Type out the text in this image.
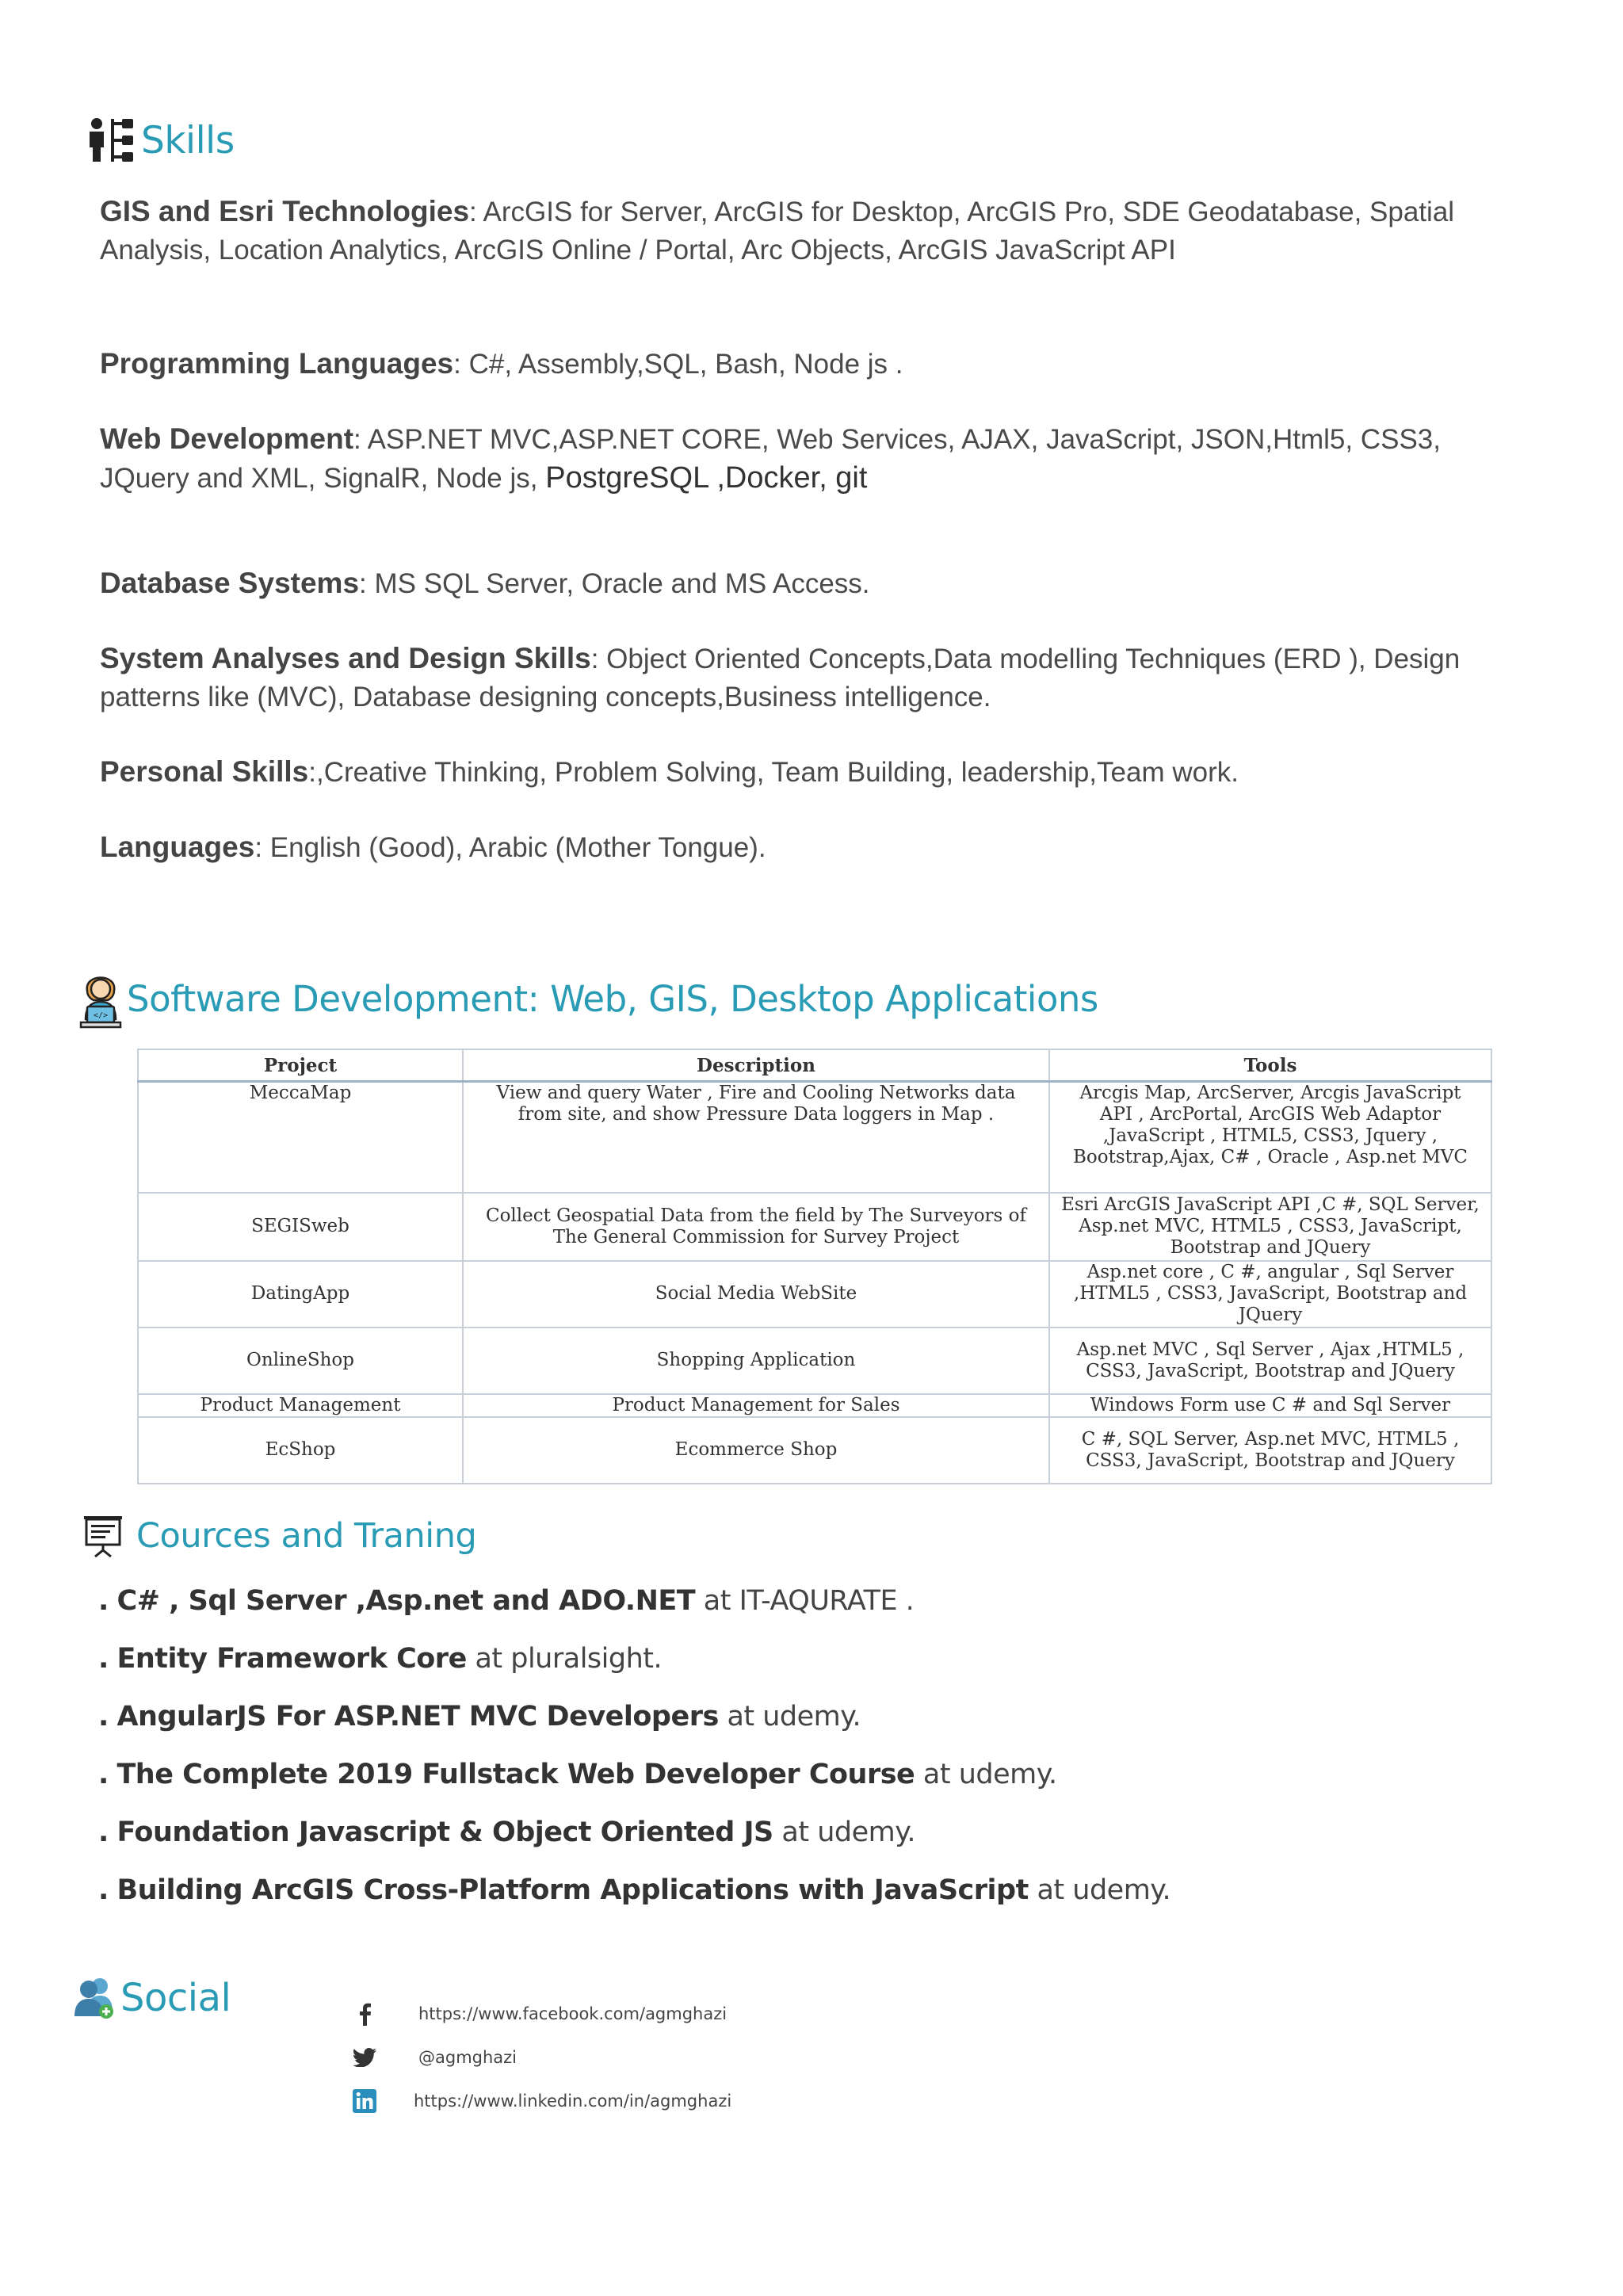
Skills
GIS and Esri Technologies: ArcGIS for Server, ArcGIS for Desktop, ArcGIS Pro, SDE Geodatabase, Spatial Analysis, Location Analytics, ArcGIS Online / Portal, Arc Objects, ArcGIS JavaScript API
Programming Languages: C#, Assembly,SQL, Bash, Node js .
Web Development: ASP.NET MVC,ASP.NET CORE, Web Services, AJAX, JavaScript, JSON,Html5, CSS3, JQuery and XML, SignalR, Node js, PostgreSQL ,Docker, git
Database Systems: MS SQL Server, Oracle and MS Access.
System Analyses and Design Skills: Object Oriented Concepts,Data modelling Techniques (ERD ), Design patterns like (MVC), Database designing concepts,Business intelligence.
Personal Skills:,Creative Thinking, Problem Solving, Team Building, leadership,Team work.
Languages: English (Good), Arabic (Mother Tongue).
</> Software Development: Web, GIS, Desktop Applications
Project	Description	Tools
MeccaMap	View and query Water , Fire and Cooling Networks data from site, and show Pressure Data loggers in Map .	Arcgis Map, ArcServer, Arcgis JavaScript API , ArcPortal, ArcGIS Web Adaptor ,JavaScript , HTML5, CSS3, Jquery , Bootstrap,Ajax, C# , Oracle , Asp.net MVC
SEGISweb	Collect Geospatial Data from the field by The Surveyors of The General Commission for Survey Project	Esri ArcGIS JavaScript API ,C #, SQL Server, Asp.net MVC, HTML5 , CSS3, JavaScript, Bootstrap and JQuery
DatingApp	Social Media WebSite	Asp.net core , C #, angular , Sql Server ,HTML5 , CSS3, JavaScript, Bootstrap and JQuery
OnlineShop	Shopping Application	Asp.net MVC , Sql Server , Ajax ,HTML5 , CSS3, JavaScript, Bootstrap and JQuery
Product Management	Product Management for Sales	Windows Form use C # and Sql Server
EcShop	Ecommerce Shop	C #, SQL Server, Asp.net MVC, HTML5 , CSS3, JavaScript, Bootstrap and JQuery
Cources and Traning
. C# , Sql Server ,Asp.net and ADO.NET at IT-AQURATE .
. Entity Framework Core at pluralsight.
. AngularJS For ASP.NET MVC Developers at udemy.
. The Complete 2019 Fullstack Web Developer Course at udemy.
. Foundation Javascript & Object Oriented JS at udemy.
. Building ArcGIS Cross-Platform Applications with JavaScript at udemy.
Social	https://www.facebook.com/agmghazi
@agmghazi
https://www.linkedin.com/in/agmghazi
